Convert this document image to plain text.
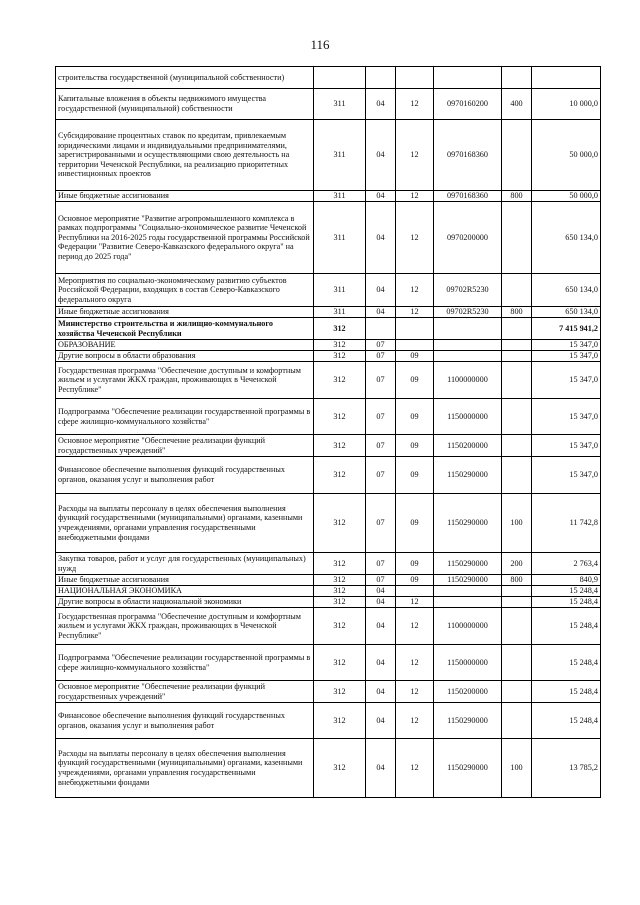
116
строительства государственной (муниципальной собственности)						
Капитальные вложения в объекты недвижимого имущества государственной (муниципальной) собственности	311	04	12	0970160200	400	10 000,0
Субсидирование процентных ставок по кредитам, привлекаемым юридическими лицами и индивидуальными предпринимателями, зарегистрированными и осуществляющими свою деятельность на территории Чеченской Республики, на реализацию приоритетных инвестиционных проектов	311	04	12	0970168360		50 000,0
Иные бюджетные ассигнования	311	04	12	0970168360	800	50 000,0
Основное мероприятие "Развитие агропромышленного комплекса в рамках подпрограммы "Социально-экономическое развитие Чеченской Республики на 2016-2025 годы государственной программы Российской Федерации "Развитие Северо-Кавказского федерального округа" на период до 2025 года"	311	04	12	0970200000		650 134,0
Мероприятия по социально-экономическому развитию субъектов Российской Федерации, входящих в состав Северо-Кавказского федерального округа	311	04	12	09702R5230		650 134,0
Иные бюджетные ассигнования	311	04	12	09702R5230	800	650 134,0
Министерство строительства и жилищно-коммунального хозяйства Чеченской Республики	312					7 415 941,2
ОБРАЗОВАНИЕ	312	07				15 347,0
Другие вопросы в области образования	312	07	09			15 347,0
Государственная программа "Обеспечение доступным и комфортным жильем и услугами ЖКХ граждан, проживающих в Чеченской Республике"	312	07	09	1100000000		15 347,0
Подпрограмма "Обеспечение реализации государственной программы в сфере жилищно-коммунального хозяйства"	312	07	09	1150000000		15 347,0
Основное мероприятие "Обеспечение реализации функций государственных учреждений"	312	07	09	1150200000		15 347,0
Финансовое обеспечение выполнения функций государственных органов, оказания услуг и выполнения работ	312	07	09	1150290000		15 347,0
Расходы на выплаты персоналу в целях обеспечения выполнения функций государственными (муниципальными) органами, казенными учреждениями, органами управления государственными внебюджетными фондами	312	07	09	1150290000	100	11 742,8
Закупка товаров, работ и услуг для государственных (муниципальных) нужд	312	07	09	1150290000	200	2 763,4
Иные бюджетные ассигнования	312	07	09	1150290000	800	840,9
НАЦИОНАЛЬНАЯ ЭКОНОМИКА	312	04				15 248,4
Другие вопросы в области национальной экономики	312	04	12			15 248,4
Государственная программа "Обеспечение доступным и комфортным жильем и услугами ЖКХ граждан, проживающих в Чеченской Республике"	312	04	12	1100000000		15 248,4
Подпрограмма "Обеспечение реализации государственной программы в сфере жилищно-коммунального хозяйства"	312	04	12	1150000000		15 248,4
Основное мероприятие "Обеспечение реализации функций государственных учреждений"	312	04	12	1150200000		15 248,4
Финансовое обеспечение выполнения функций государственных органов, оказания услуг и выполнения работ	312	04	12	1150290000		15 248,4
Расходы на выплаты персоналу в целях обеспечения выполнения функций государственными (муниципальными) органами, казенными учреждениями, органами управления государственными внебюджетными фондами	312	04	12	1150290000	100	13 785,2
